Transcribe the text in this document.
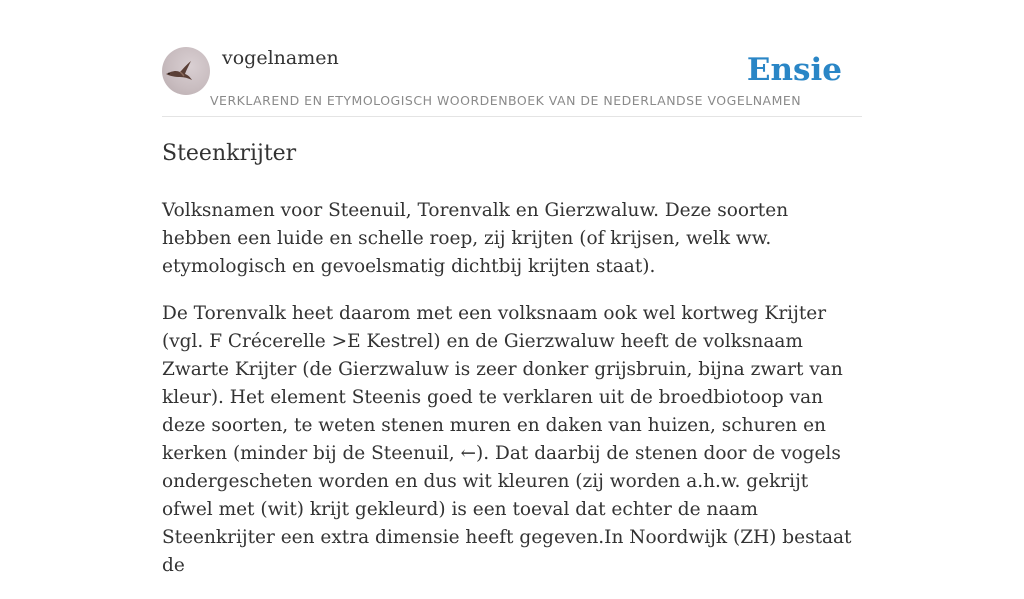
vogelnamen	Ensie
VERKLAREND EN ETYMOLOGISCH WOORDENBOEK VAN DE NEDERLANDSE VOGELNAMEN
Steenkrijter

Volksnamen voor Steenuil, Torenvalk en Gierzwaluw. Deze soorten hebben een luide en schelle roep, zij krijten (of krijsen, welk ww. etymologisch en gevoelsmatig dichtbij krijten staat).

De Torenvalk heet daarom met een volksnaam ook wel kortweg Krijter (vgl. F Crécerelle >E Kestrel) en de Gierzwaluw heeft de volksnaam Zwarte Krijter (de Gierzwaluw is zeer donker grijsbruin, bijna zwart van kleur). Het element Steenis goed te verklaren uit de broedbiotoop van deze soorten, te weten stenen muren en daken van huizen, schuren en kerken (minder bij de Steenuil, ←). Dat daarbij de stenen door de vogels ondergescheten worden en dus wit kleuren (zij worden a.h.w. gekrijt ofwel met (wit) krijt gekleurd) is een toeval dat echter de naam Steenkrijter een extra dimensie heeft gegeven.In Noordwijk (ZH) bestaat de
